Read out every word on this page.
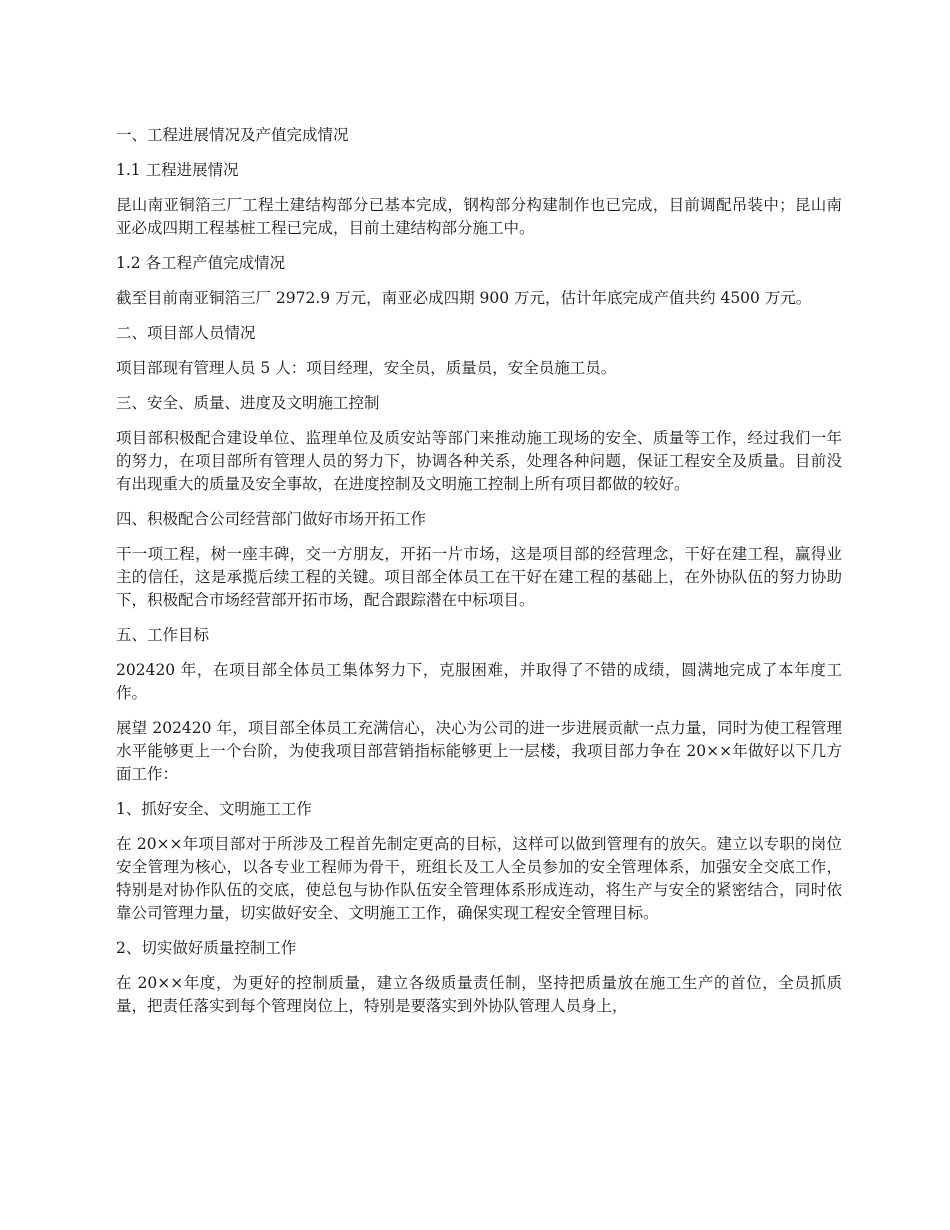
一、工程进展情况及产值完成情况

1.1 工程进展情况

昆山南亚铜箔三厂工程土建结构部分已基本完成，钢构部分构建制作也已完成，目前调配吊装中；昆山南亚必成四期工程基桩工程已完成，目前土建结构部分施工中。

1.2 各工程产值完成情况

截至目前南亚铜箔三厂 2972.9 万元，南亚必成四期 900 万元，估计年底完成产值共约 4500 万元。

二、项目部人员情况

项目部现有管理人员 5 人：项目经理，安全员，质量员，安全员施工员。

三、安全、质量、进度及文明施工控制

项目部积极配合建设单位、监理单位及质安站等部门来推动施工现场的安全、质量等工作，经过我们一年的努力，在项目部所有管理人员的努力下，协调各种关系，处理各种问题，保证工程安全及质量。目前没有出现重大的质量及安全事故，在进度控制及文明施工控制上所有项目都做的较好。

四、积极配合公司经营部门做好市场开拓工作

干一项工程，树一座丰碑，交一方朋友，开拓一片市场，这是项目部的经营理念，干好在建工程，赢得业主的信任，这是承揽后续工程的关键。项目部全体员工在干好在建工程的基础上，在外协队伍的努力协助下，积极配合市场经营部开拓市场，配合跟踪潜在中标项目。

五、工作目标

202420 年，在项目部全体员工集体努力下，克服困难，并取得了不错的成绩，圆满地完成了本年度工作。

展望 202420 年，项目部全体员工充满信心，决心为公司的进一步进展贡献一点力量，同时为使工程管理水平能够更上一个台阶，为使我项目部营销指标能够更上一层楼，我项目部力争在 20××年做好以下几方面工作：

1、抓好安全、文明施工工作

在 20××年项目部对于所涉及工程首先制定更高的目标，这样可以做到管理有的放矢。建立以专职的岗位安全管理为核心，以各专业工程师为骨干，班组长及工人全员参加的安全管理体系，加强安全交底工作，特别是对协作队伍的交底，使总包与协作队伍安全管理体系形成连动，将生产与安全的紧密结合，同时依靠公司管理力量，切实做好安全、文明施工工作，确保实现工程安全管理目标。

2、切实做好质量控制工作

在 20××年度，为更好的控制质量，建立各级质量责任制，坚持把质量放在施工生产的首位，全员抓质量，把责任落实到每个管理岗位上，特别是要落实到外协队管理人员身上，
